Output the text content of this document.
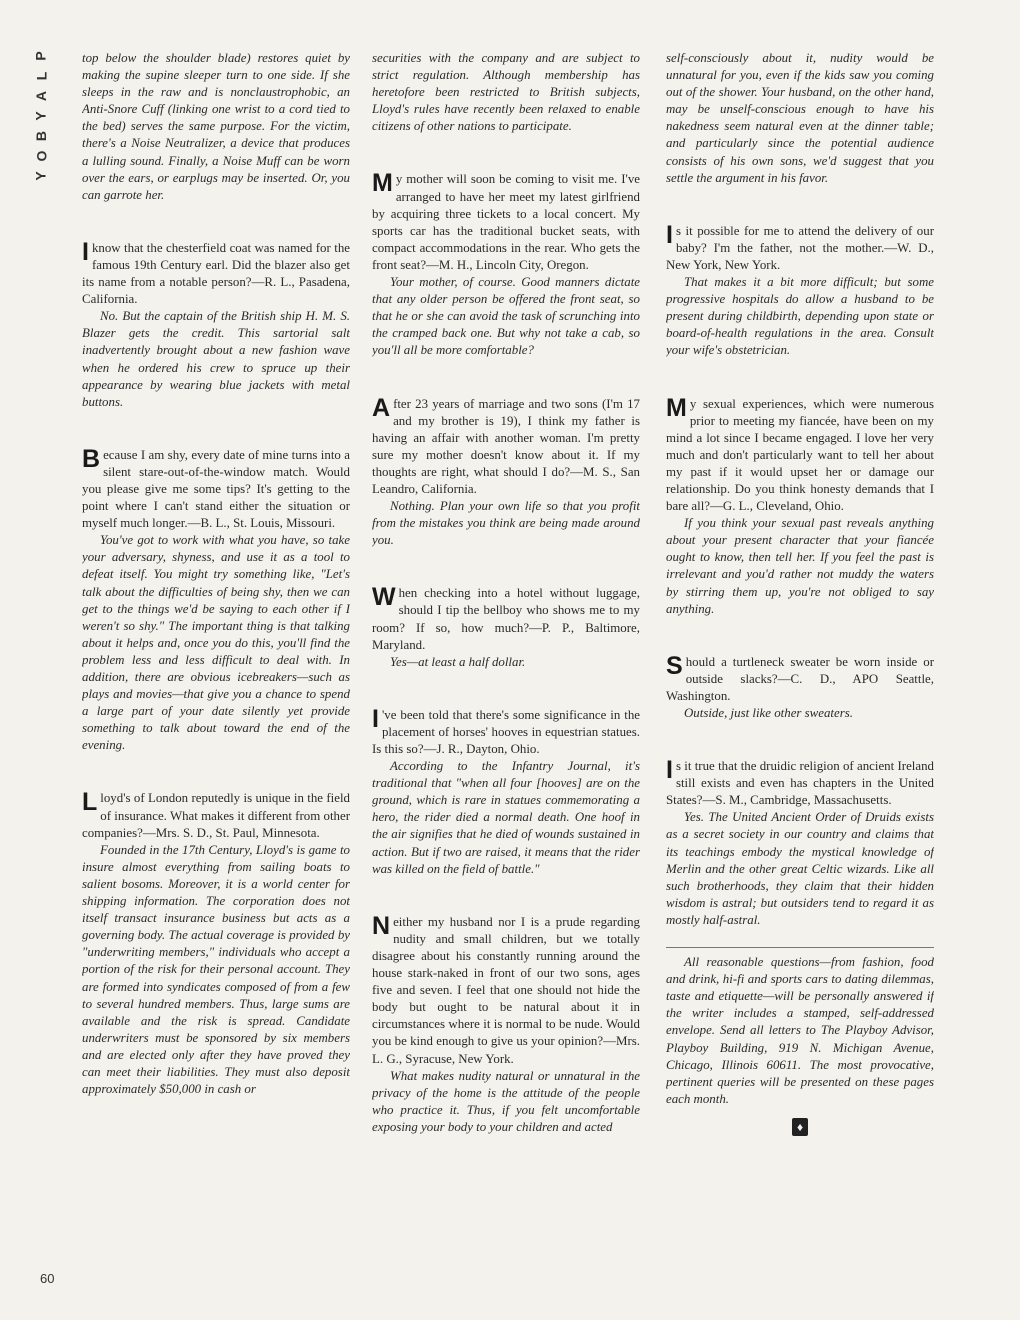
P
L
A
Y
B
O
Y
60

top below the shoulder blade) restores quiet by making the supine sleeper turn to one side. If she sleeps in the raw and is nonclaustrophobic, an Anti-Snore Cuff (linking one wrist to a cord tied to the bed) serves the same purpose. For the victim, there's a Noise Neutralizer, a device that produces a lulling sound. Finally, a Noise Muff can be worn over the ears, or earplugs may be inserted. Or, you can garrote her.

I know that the chesterfield coat was named for the famous 19th Century earl. Did the blazer also get its name from a notable person?—R. L., Pasadena, California.

No. But the captain of the British ship H. M. S. Blazer gets the credit. This sartorial salt inadvertently brought about a new fashion wave when he ordered his crew to spruce up their appearance by wearing blue jackets with metal buttons.

Because I am shy, every date of mine turns into a silent stare-out-of-the-window match. Would you please give me some tips? It's getting to the point where I can't stand either the situation or myself much longer.—B. L., St. Louis, Missouri.

You've got to work with what you have, so take your adversary, shyness, and use it as a tool to defeat itself. You might try something like, "Let's talk about the difficulties of being shy, then we can get to the things we'd be saying to each other if I weren't so shy." The important thing is that talking about it helps and, once you do this, you'll find the problem less and less difficult to deal with. In addition, there are obvious icebreakers—such as plays and movies—that give you a chance to spend a large part of your date silently yet provide something to talk about toward the end of the evening.

Lloyd's of London reputedly is unique in the field of insurance. What makes it different from other companies?—Mrs. S. D., St. Paul, Minnesota.

Founded in the 17th Century, Lloyd's is game to insure almost everything from sailing boats to salient bosoms. Moreover, it is a world center for shipping information. The corporation does not itself transact insurance business but acts as a governing body. The actual coverage is provided by "underwriting members," individuals who accept a portion of the risk for their personal account. They are formed into syndicates composed of from a few to several hundred members. Thus, large sums are available and the risk is spread. Candidate underwriters must be sponsored by six members and are elected only after they have proved they can meet their liabilities. They must also deposit approximately $50,000 in cash or

securities with the company and are subject to strict regulation. Although membership has heretofore been restricted to British subjects, Lloyd's rules have recently been relaxed to enable citizens of other nations to participate.

My mother will soon be coming to visit me. I've arranged to have her meet my latest girlfriend by acquiring three tickets to a local concert. My sports car has the traditional bucket seats, with compact accommodations in the rear. Who gets the front seat?—M. H., Lincoln City, Oregon.

Your mother, of course. Good manners dictate that any older person be offered the front seat, so that he or she can avoid the task of scrunching into the cramped back one. But why not take a cab, so you'll all be more comfortable?

After 23 years of marriage and two sons (I'm 17 and my brother is 19), I think my father is having an affair with another woman. I'm pretty sure my mother doesn't know about it. If my thoughts are right, what should I do?—M. S., San Leandro, California.

Nothing. Plan your own life so that you profit from the mistakes you think are being made around you.

When checking into a hotel without luggage, should I tip the bellboy who shows me to my room? If so, how much?—P. P., Baltimore, Maryland.

Yes—at least a half dollar.

I 've been told that there's some significance in the placement of horses' hooves in equestrian statues. Is this so?—J. R., Dayton, Ohio.

According to the Infantry Journal, it's traditional that "when all four [hooves] are on the ground, which is rare in statues commemorating a hero, the rider died a normal death. One hoof in the air signifies that he died of wounds sustained in action. But if two are raised, it means that the rider was killed on the field of battle."

Neither my husband nor I is a prude regarding nudity and small children, but we totally disagree about his constantly running around the house stark-naked in front of our two sons, ages five and seven. I feel that one should not hide the body but ought to be natural about it in circumstances where it is normal to be nude. Would you be kind enough to give us your opinion?—Mrs. L. G., Syracuse, New York.

What makes nudity natural or unnatural in the privacy of the home is the attitude of the people who practice it. Thus, if you felt uncomfortable exposing your body to your children and acted

self-consciously about it, nudity would be unnatural for you, even if the kids saw you coming out of the shower. Your husband, on the other hand, may be unself-conscious enough to have his nakedness seem natural even at the dinner table; and particularly since the potential audience consists of his own sons, we'd suggest that you settle the argument in his favor.

Is it possible for me to attend the delivery of our baby? I'm the father, not the mother.—W. D., New York, New York.

That makes it a bit more difficult; but some progressive hospitals do allow a husband to be present during childbirth, depending upon state or board-of-health regulations in the area. Consult your wife's obstetrician.

My sexual experiences, which were numerous prior to meeting my fiancée, have been on my mind a lot since I became engaged. I love her very much and don't particularly want to tell her about my past if it would upset her or damage our relationship. Do you think honesty demands that I bare all?—G. L., Cleveland, Ohio.

If you think your sexual past reveals anything about your present character that your fiancée ought to know, then tell her. If you feel the past is irrelevant and you'd rather not muddy the waters by stirring them up, you're not obliged to say anything.

Should a turtleneck sweater be worn inside or outside slacks?—C. D., APO Seattle, Washington.

Outside, just like other sweaters.

Is it true that the druidic religion of ancient Ireland still exists and even has chapters in the United States?—S. M., Cambridge, Massachusetts.

Yes. The United Ancient Order of Druids exists as a secret society in our country and claims that its teachings embody the mystical knowledge of Merlin and the other great Celtic wizards. Like all such brotherhoods, they claim that their hidden wisdom is astral; but outsiders tend to regard it as mostly half-astral.

All reasonable questions—from fashion, food and drink, hi-fi and sports cars to dating dilemmas, taste and etiquette—will be personally answered if the writer includes a stamped, self-addressed envelope. Send all letters to The Playboy Advisor, Playboy Building, 919 N. Michigan Avenue, Chicago, Illinois 60611. The most provocative, pertinent queries will be presented on these pages each month.

♦
